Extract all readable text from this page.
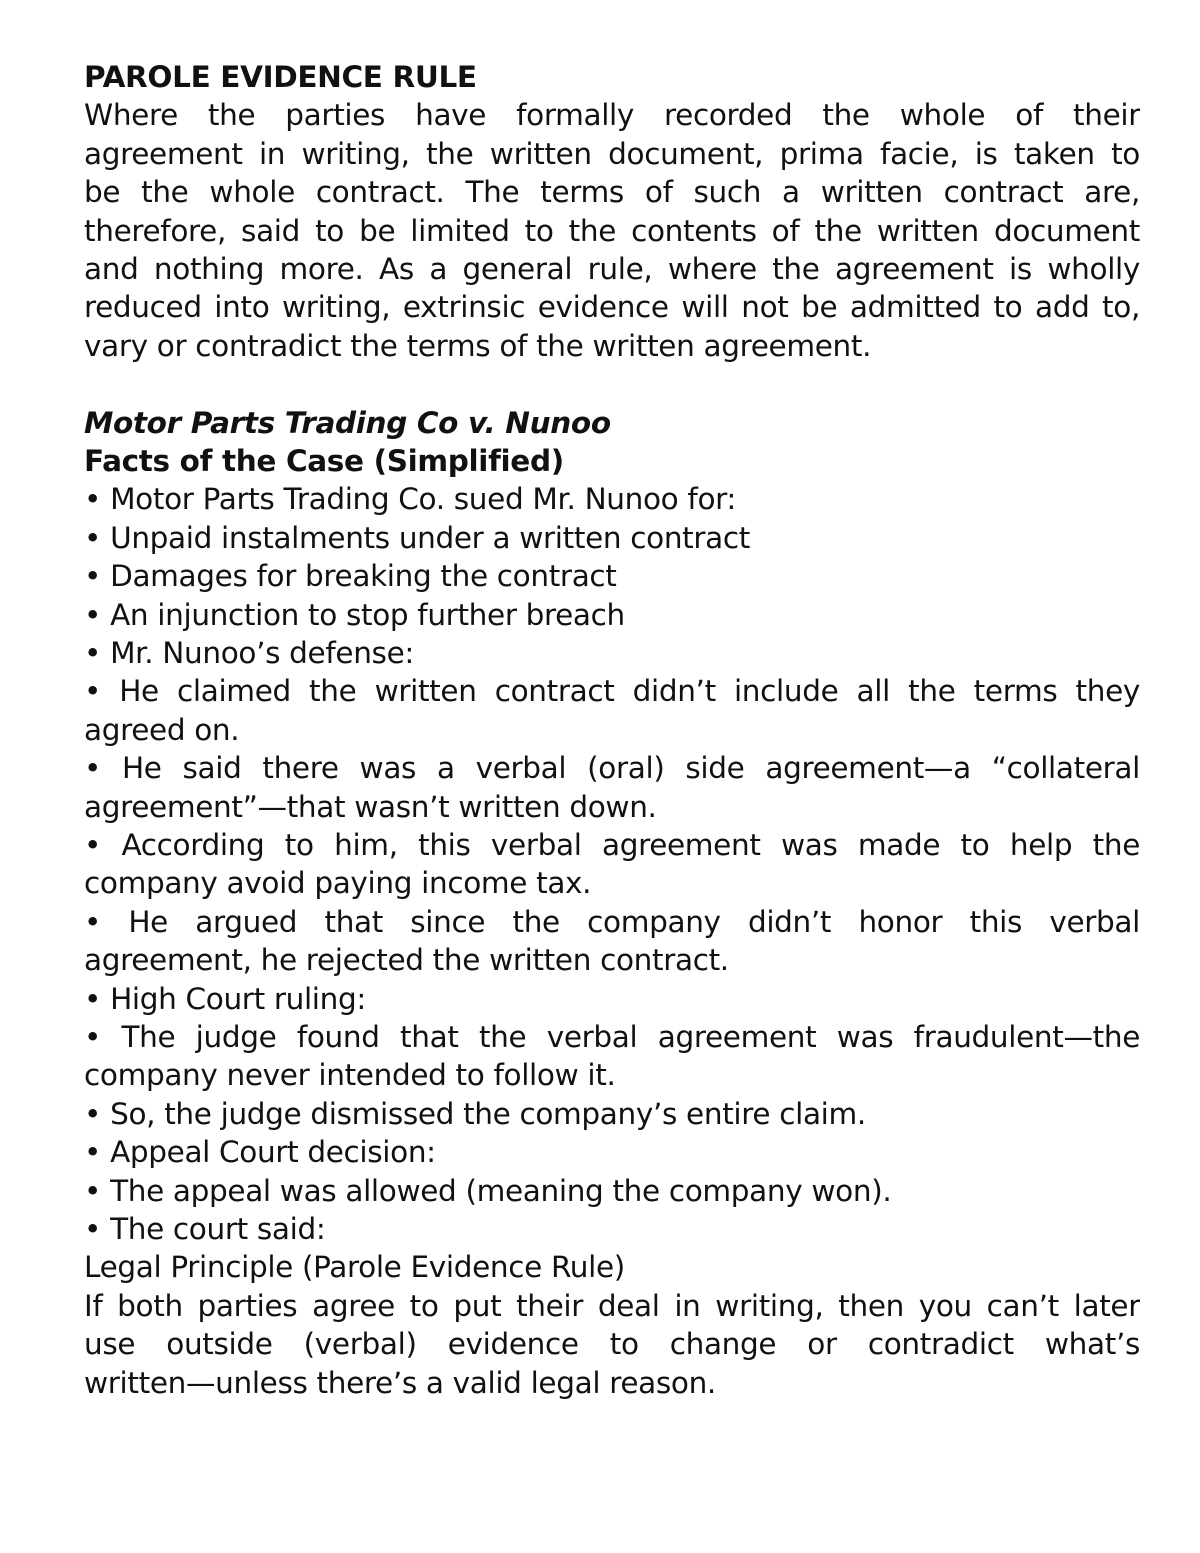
PAROLE EVIDENCE RULE
Where the parties have formally recorded the whole of their
agreement in writing, the written document, prima facie, is taken to
be the whole contract. The terms of such a written contract are,
therefore, said to be limited to the contents of the written document
and nothing more. As a general rule, where the agreement is wholly
reduced into writing, extrinsic evidence will not be admitted to add to,
vary or contradict the terms of the written agreement.
Motor Parts Trading Co v. Nunoo
Facts of the Case (Simplified)
• Motor Parts Trading Co. sued Mr. Nunoo for:
• Unpaid instalments under a written contract
• Damages for breaking the contract
• An injunction to stop further breach
• Mr. Nunoo’s defense:
• He claimed the written contract didn’t include all the terms they
agreed on.
• He said there was a verbal (oral) side agreement—a “collateral
agreement”—that wasn’t written down.
• According to him, this verbal agreement was made to help the
company avoid paying income tax.
• He argued that since the company didn’t honor this verbal
agreement, he rejected the written contract.
• High Court ruling:
• The judge found that the verbal agreement was fraudulent—the
company never intended to follow it.
• So, the judge dismissed the company’s entire claim.
• Appeal Court decision:
• The appeal was allowed (meaning the company won).
• The court said:
Legal Principle (Parole Evidence Rule)
If both parties agree to put their deal in writing, then you can’t later
use outside (verbal) evidence to change or contradict what’s
written—unless there’s a valid legal reason.
